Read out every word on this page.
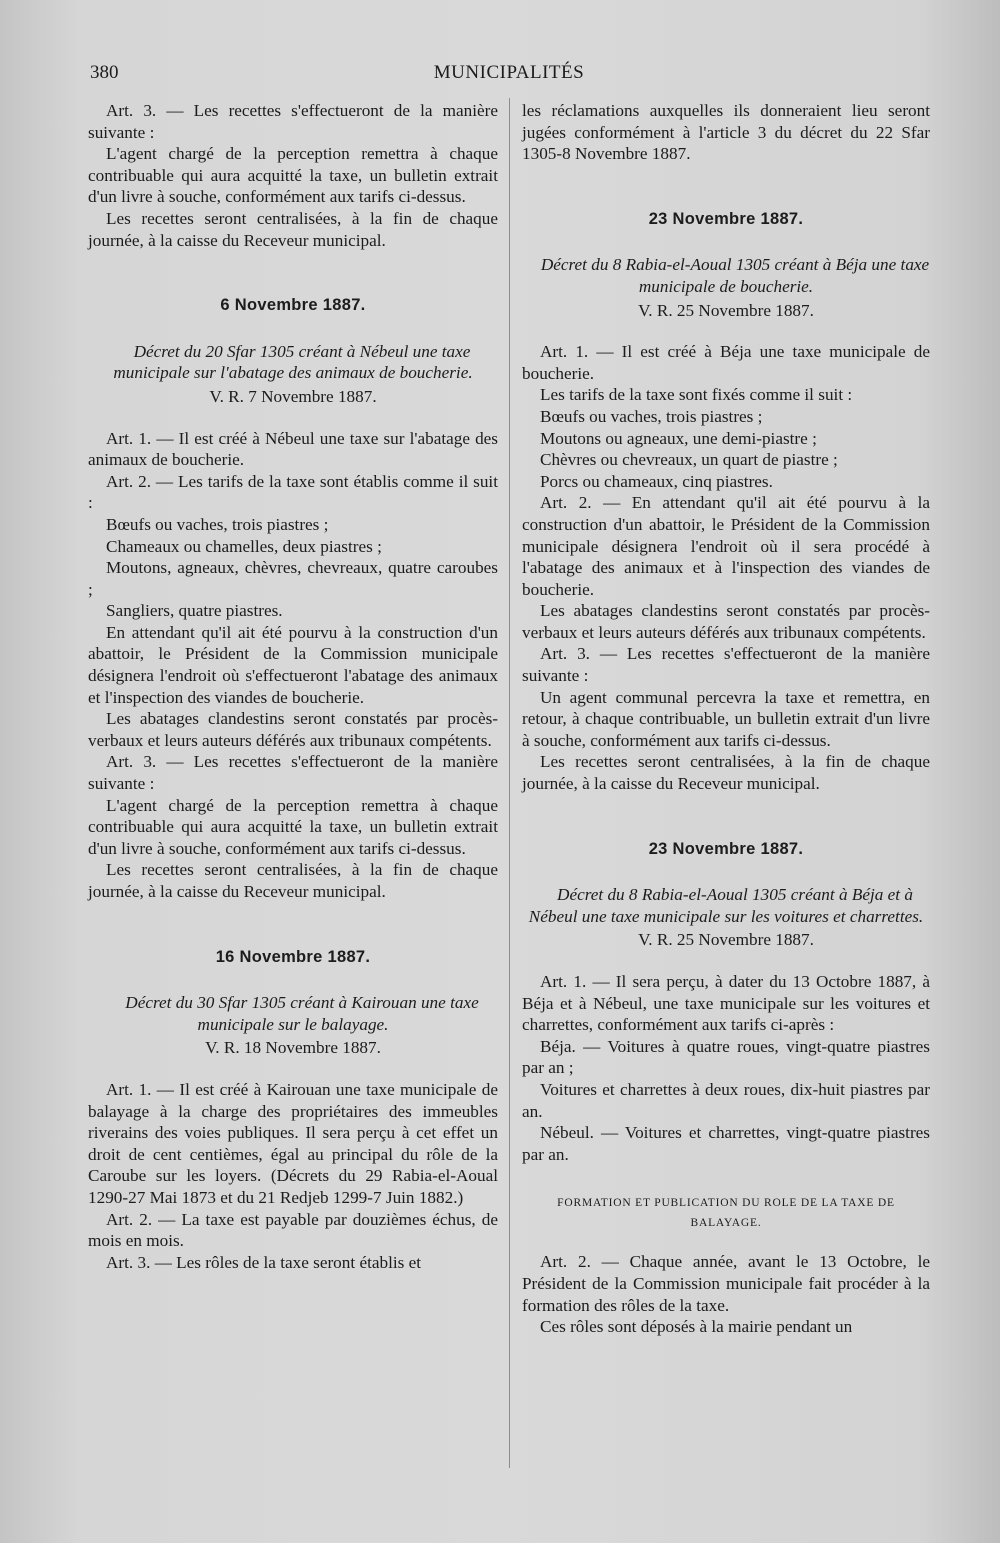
380	MUNICIPALITÉS

Art. 3. — Les recettes s'effectueront de la manière suivante :

L'agent chargé de la perception remettra à chaque contribuable qui aura acquitté la taxe, un bulletin extrait d'un livre à souche, conformément aux tarifs ci-dessus.

Les recettes seront centralisées, à la fin de chaque journée, à la caisse du Receveur municipal.

6 Novembre 1887.

Décret du 20 Sfar 1305 créant à Nébeul une taxe municipale sur l'abatage des animaux de boucherie.

V. R. 7 Novembre 1887.

Art. 1. — Il est créé à Nébeul une taxe sur l'abatage des animaux de boucherie.

Art. 2. — Les tarifs de la taxe sont établis comme il suit :

Bœufs ou vaches, trois piastres ;

Chameaux ou chamelles, deux piastres ;

Moutons, agneaux, chèvres, chevreaux, quatre caroubes ;

Sangliers, quatre piastres.

En attendant qu'il ait été pourvu à la construction d'un abattoir, le Président de la Commission municipale désignera l'endroit où s'effectueront l'abatage des animaux et l'inspection des viandes de boucherie.

Les abatages clandestins seront constatés par procès-verbaux et leurs auteurs déférés aux tribunaux compétents.

Art. 3. — Les recettes s'effectueront de la manière suivante :

L'agent chargé de la perception remettra à chaque contribuable qui aura acquitté la taxe, un bulletin extrait d'un livre à souche, conformément aux tarifs ci-dessus.

Les recettes seront centralisées, à la fin de chaque journée, à la caisse du Receveur municipal.

16 Novembre 1887.

Décret du 30 Sfar 1305 créant à Kairouan une taxe municipale sur le balayage.

V. R. 18 Novembre 1887.

Art. 1. — Il est créé à Kairouan une taxe municipale de balayage à la charge des propriétaires des immeubles riverains des voies publiques. Il sera perçu à cet effet un droit de cent centièmes, égal au principal du rôle de la Caroube sur les loyers. (Décrets du 29 Rabia-el-Aoual 1290-27 Mai 1873 et du 21 Redjeb 1299-7 Juin 1882.)

Art. 2. — La taxe est payable par douzièmes échus, de mois en mois.

Art. 3. — Les rôles de la taxe seront établis et

les réclamations auxquelles ils donneraient lieu seront jugées conformément à l'article 3 du décret du 22 Sfar 1305-8 Novembre 1887.

23 Novembre 1887.

Décret du 8 Rabia-el-Aoual 1305 créant à Béja une taxe municipale de boucherie.

V. R. 25 Novembre 1887.

Art. 1. — Il est créé à Béja une taxe municipale de boucherie.

Les tarifs de la taxe sont fixés comme il suit :

Bœufs ou vaches, trois piastres ;

Moutons ou agneaux, une demi-piastre ;

Chèvres ou chevreaux, un quart de piastre ;

Porcs ou chameaux, cinq piastres.

Art. 2. — En attendant qu'il ait été pourvu à la construction d'un abattoir, le Président de la Commission municipale désignera l'endroit où il sera procédé à l'abatage des animaux et à l'inspection des viandes de boucherie.

Les abatages clandestins seront constatés par procès-verbaux et leurs auteurs déférés aux tribunaux compétents.

Art. 3. — Les recettes s'effectueront de la manière suivante :

Un agent communal percevra la taxe et remettra, en retour, à chaque contribuable, un bulletin extrait d'un livre à souche, conformément aux tarifs ci-dessus.

Les recettes seront centralisées, à la fin de chaque journée, à la caisse du Receveur municipal.

23 Novembre 1887.

Décret du 8 Rabia-el-Aoual 1305 créant à Béja et à Nébeul une taxe municipale sur les voitures et charrettes.

V. R. 25 Novembre 1887.

Art. 1. — Il sera perçu, à dater du 13 Octobre 1887, à Béja et à Nébeul, une taxe municipale sur les voitures et charrettes, conformément aux tarifs ci-après :

Béja. — Voitures à quatre roues, vingt-quatre piastres par an ;

Voitures et charrettes à deux roues, dix-huit piastres par an.

Nébeul. — Voitures et charrettes, vingt-quatre piastres par an.

FORMATION ET PUBLICATION DU ROLE DE LA TAXE DE BALAYAGE.

Art. 2. — Chaque année, avant le 13 Octobre, le Président de la Commission municipale fait procéder à la formation des rôles de la taxe.

Ces rôles sont déposés à la mairie pendant un
